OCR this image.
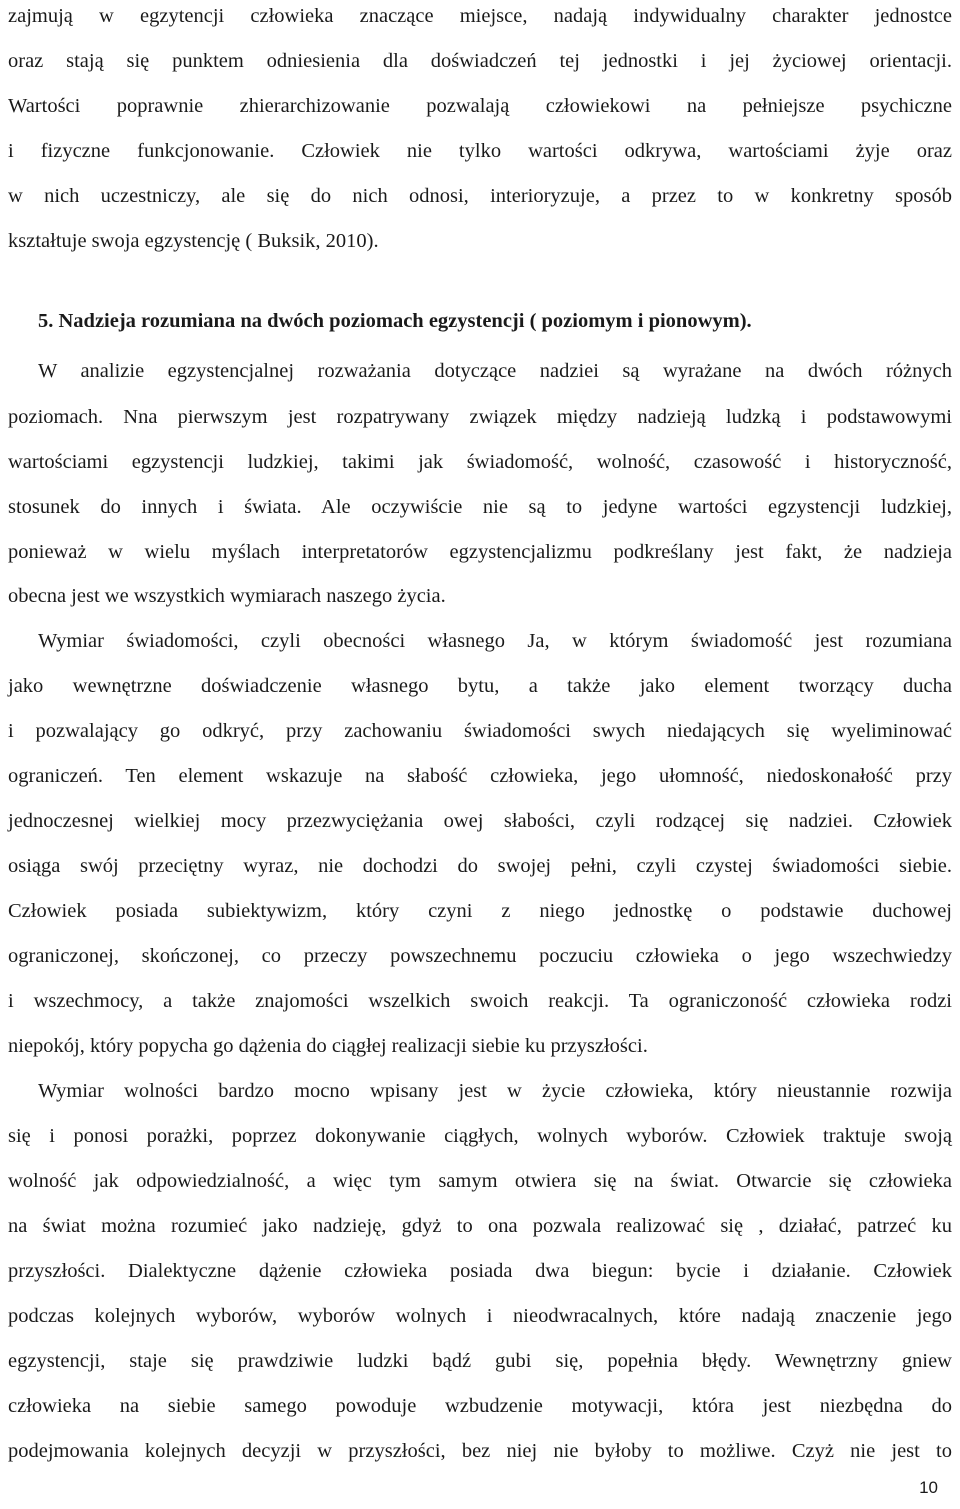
zajmują w egzytencji człowieka znaczące miejsce, nadają indywidualny charakter jednostce
oraz stają się punktem odniesienia dla doświadczeń tej jednostki i jej życiowej orientacji.
Wartości poprawnie zhierarchizowanie pozwalają człowiekowi na pełniejsze psychiczne
i fizyczne funkcjonowanie. Człowiek nie tylko wartości odkrywa, wartościami żyje oraz
w nich uczestniczy, ale się do nich odnosi, interioryzuje, a przez to w konkretny sposób
kształtuje swoja egzystencję ( Buksik, 2010).
5. Nadzieja rozumiana na dwóch poziomach egzystencji ( poziomym i pionowym).
W analizie egzystencjalnej rozważania dotyczące nadziei są wyrażane na dwóch różnych
poziomach. Nna pierwszym jest rozpatrywany związek między nadzieją ludzką i podstawowymi
wartościami egzystencji ludzkiej, takimi jak świadomość, wolność, czasowość i historyczność,
stosunek do innych i świata. Ale oczywiście nie są to jedyne wartości egzystencji ludzkiej,
ponieważ w wielu myślach interpretatorów egzystencjalizmu podkreślany jest fakt, że nadzieja
obecna jest we wszystkich wymiarach naszego życia.
Wymiar świadomości, czyli obecności własnego Ja, w którym świadomość jest rozumiana
jako wewnętrzne doświadczenie własnego bytu, a także jako element tworzący ducha
i pozwalający go odkryć, przy zachowaniu świadomości swych niedających się wyeliminować
ograniczeń. Ten element wskazuje na słabość człowieka, jego ułomność, niedoskonałość przy
jednoczesnej wielkiej mocy przezwyciężania owej słabości, czyli rodzącej się nadziei. Człowiek
osiąga swój przeciętny wyraz, nie dochodzi do swojej pełni, czyli czystej świadomości siebie.
Człowiek posiada subiektywizm, który czyni z niego jednostkę o podstawie duchowej
ograniczonej, skończonej, co przeczy powszechnemu poczuciu człowieka o jego wszechwiedzy
i wszechmocy, a także znajomości wszelkich swoich reakcji. Ta ograniczoność człowieka rodzi
niepokój, który popycha go dążenia do ciągłej realizacji siebie ku przyszłości.
Wymiar wolności bardzo mocno wpisany jest w życie człowieka, który nieustannie rozwija
się i ponosi porażki, poprzez dokonywanie ciągłych, wolnych wyborów. Człowiek traktuje swoją
wolność jak odpowiedzialność, a więc tym samym otwiera się na świat. Otwarcie się człowieka
na świat można rozumieć jako nadzieję, gdyż to ona pozwala realizować się , działać, patrzeć ku
przyszłości. Dialektyczne dążenie człowieka posiada dwa biegun: bycie i działanie. Człowiek
podczas kolejnych wyborów, wyborów wolnych i nieodwracalnych, które nadają znaczenie jego
egzystencji, staje się prawdziwie ludzki bądź gubi się, popełnia błędy. Wewnętrzny gniew
człowieka na siebie samego powoduje wzbudzenie motywacji, która jest niezbędna do
podejmowania kolejnych decyzji w przyszłości, bez niej nie byłoby to możliwe. Czyż nie jest to
10
